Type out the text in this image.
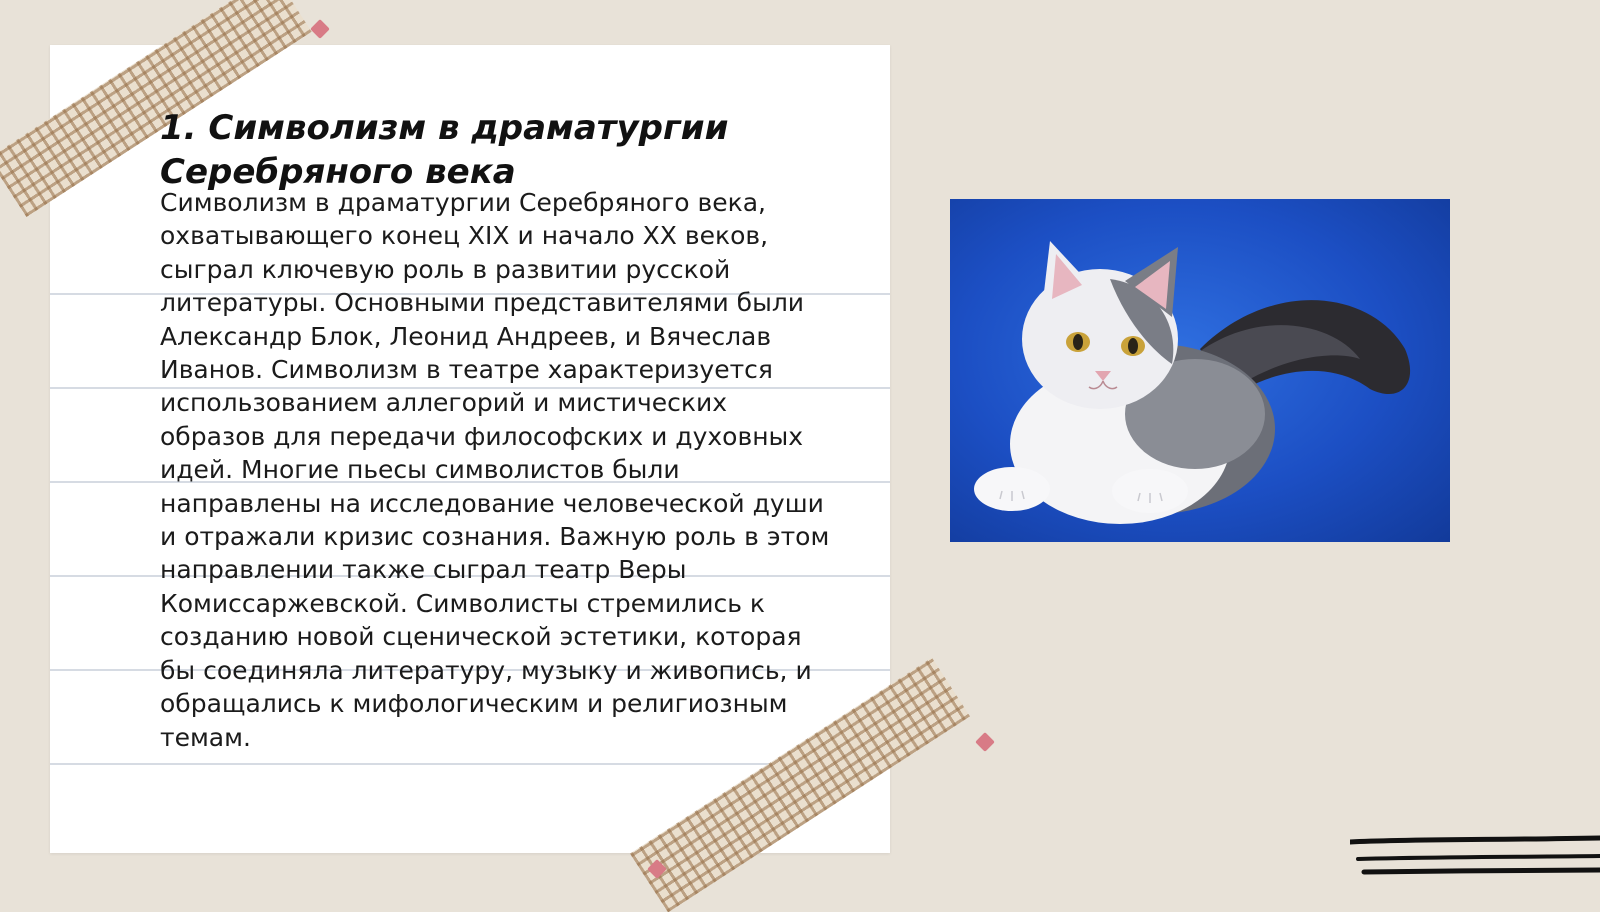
1. Символизм в драматургии Серебряного века

Символизм в драматургии Серебряного века, охватывающего конец XIX и начало XX веков, сыграл ключевую роль в развитии русской литературы. Основными представителями были Александр Блок, Леонид Андреев, и Вячеслав Иванов. Символизм в театре характеризуется использованием аллегорий и мистических образов для передачи философских и духовных идей. Многие пьесы символистов были направлены на исследование человеческой души и отражали кризис сознания. Важную роль в этом направлении также сыграл театр Веры Комиссаржевской. Символисты стремились к созданию новой сценической эстетики, которая бы соединяла литературу, музыку и живопись, и обращались к мифологическим и религиозным темам.
